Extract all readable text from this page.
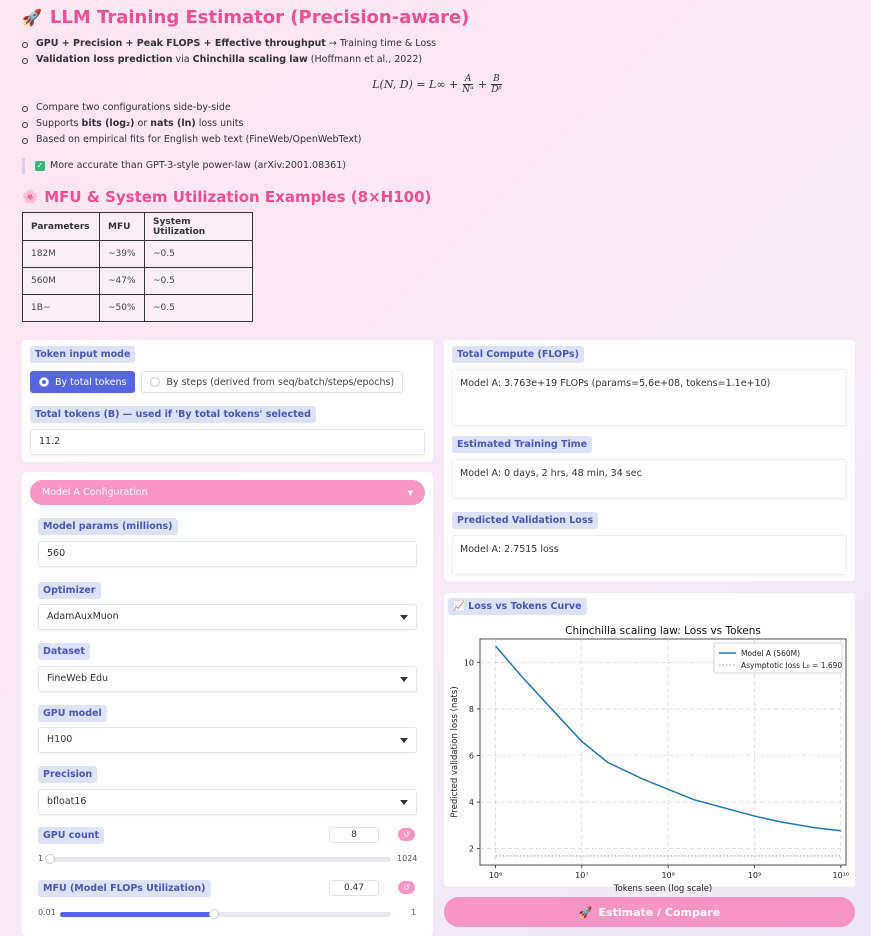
🚀 LLM Training Estimator (Precision-aware)
GPU + Precision + Peak FLOPS + Effective throughput → Training time & Loss
Validation loss prediction via Chinchilla scaling law (Hoffmann et al., 2022)
L(N, $D) = L\infty + \frac{A}{\text{Nᵅ}} + \frac{B}{\text{Dᵝ}}$
Compare two configurations side-by-side
Supports bits (log₂) or nats (ln) loss units
Based on empirical fits for English web text (FineWeb/OpenWebText)
✓ More accurate than GPT-3-style power-law (arXiv:2001.08361)
🌸 MFU & System Utilization Examples (8×H100)
Parameters	MFU	System Utilization
182M	~39%	~0.5
560M	~47%	~0.5
1B~	~50%	~0.5
Token input mode
By total tokens	By steps (derived from seq/batch/steps/epochs)
Total tokens (B) — used if 'By total tokens' selected
11.2
Model A Configuration	▼
Model params (millions)
560
Optimizer
AdamAuxMuon
Dataset
FineWeb Edu
GPU model
H100
Precision
bfloat16
GPU count	8	↺
1	1024
MFU (Model FLOPs Utilization)	0.47	↺
0.01	1
Total Compute (FLOPs)
Model A: 3.763e+19 FLOPs (params=5.6e+08, tokens=1.1e+10)
Estimated Training Time
Model A: 0 days, 2 hrs, 48 min, 34 sec
Predicted Validation Loss
Model A: 2.7515 loss
📈 Loss vs Tokens Curve
Chinchilla scaling law: Loss vs Tokens
10⁶	10⁷	10⁸	10⁹	10¹⁰
2
4
6
8
10
Tokens seen (log scale)
Predicted validation loss (nats)
Model A (560M)
Asymptotic loss L₀ = 1.690
🚀 Estimate / Compare
